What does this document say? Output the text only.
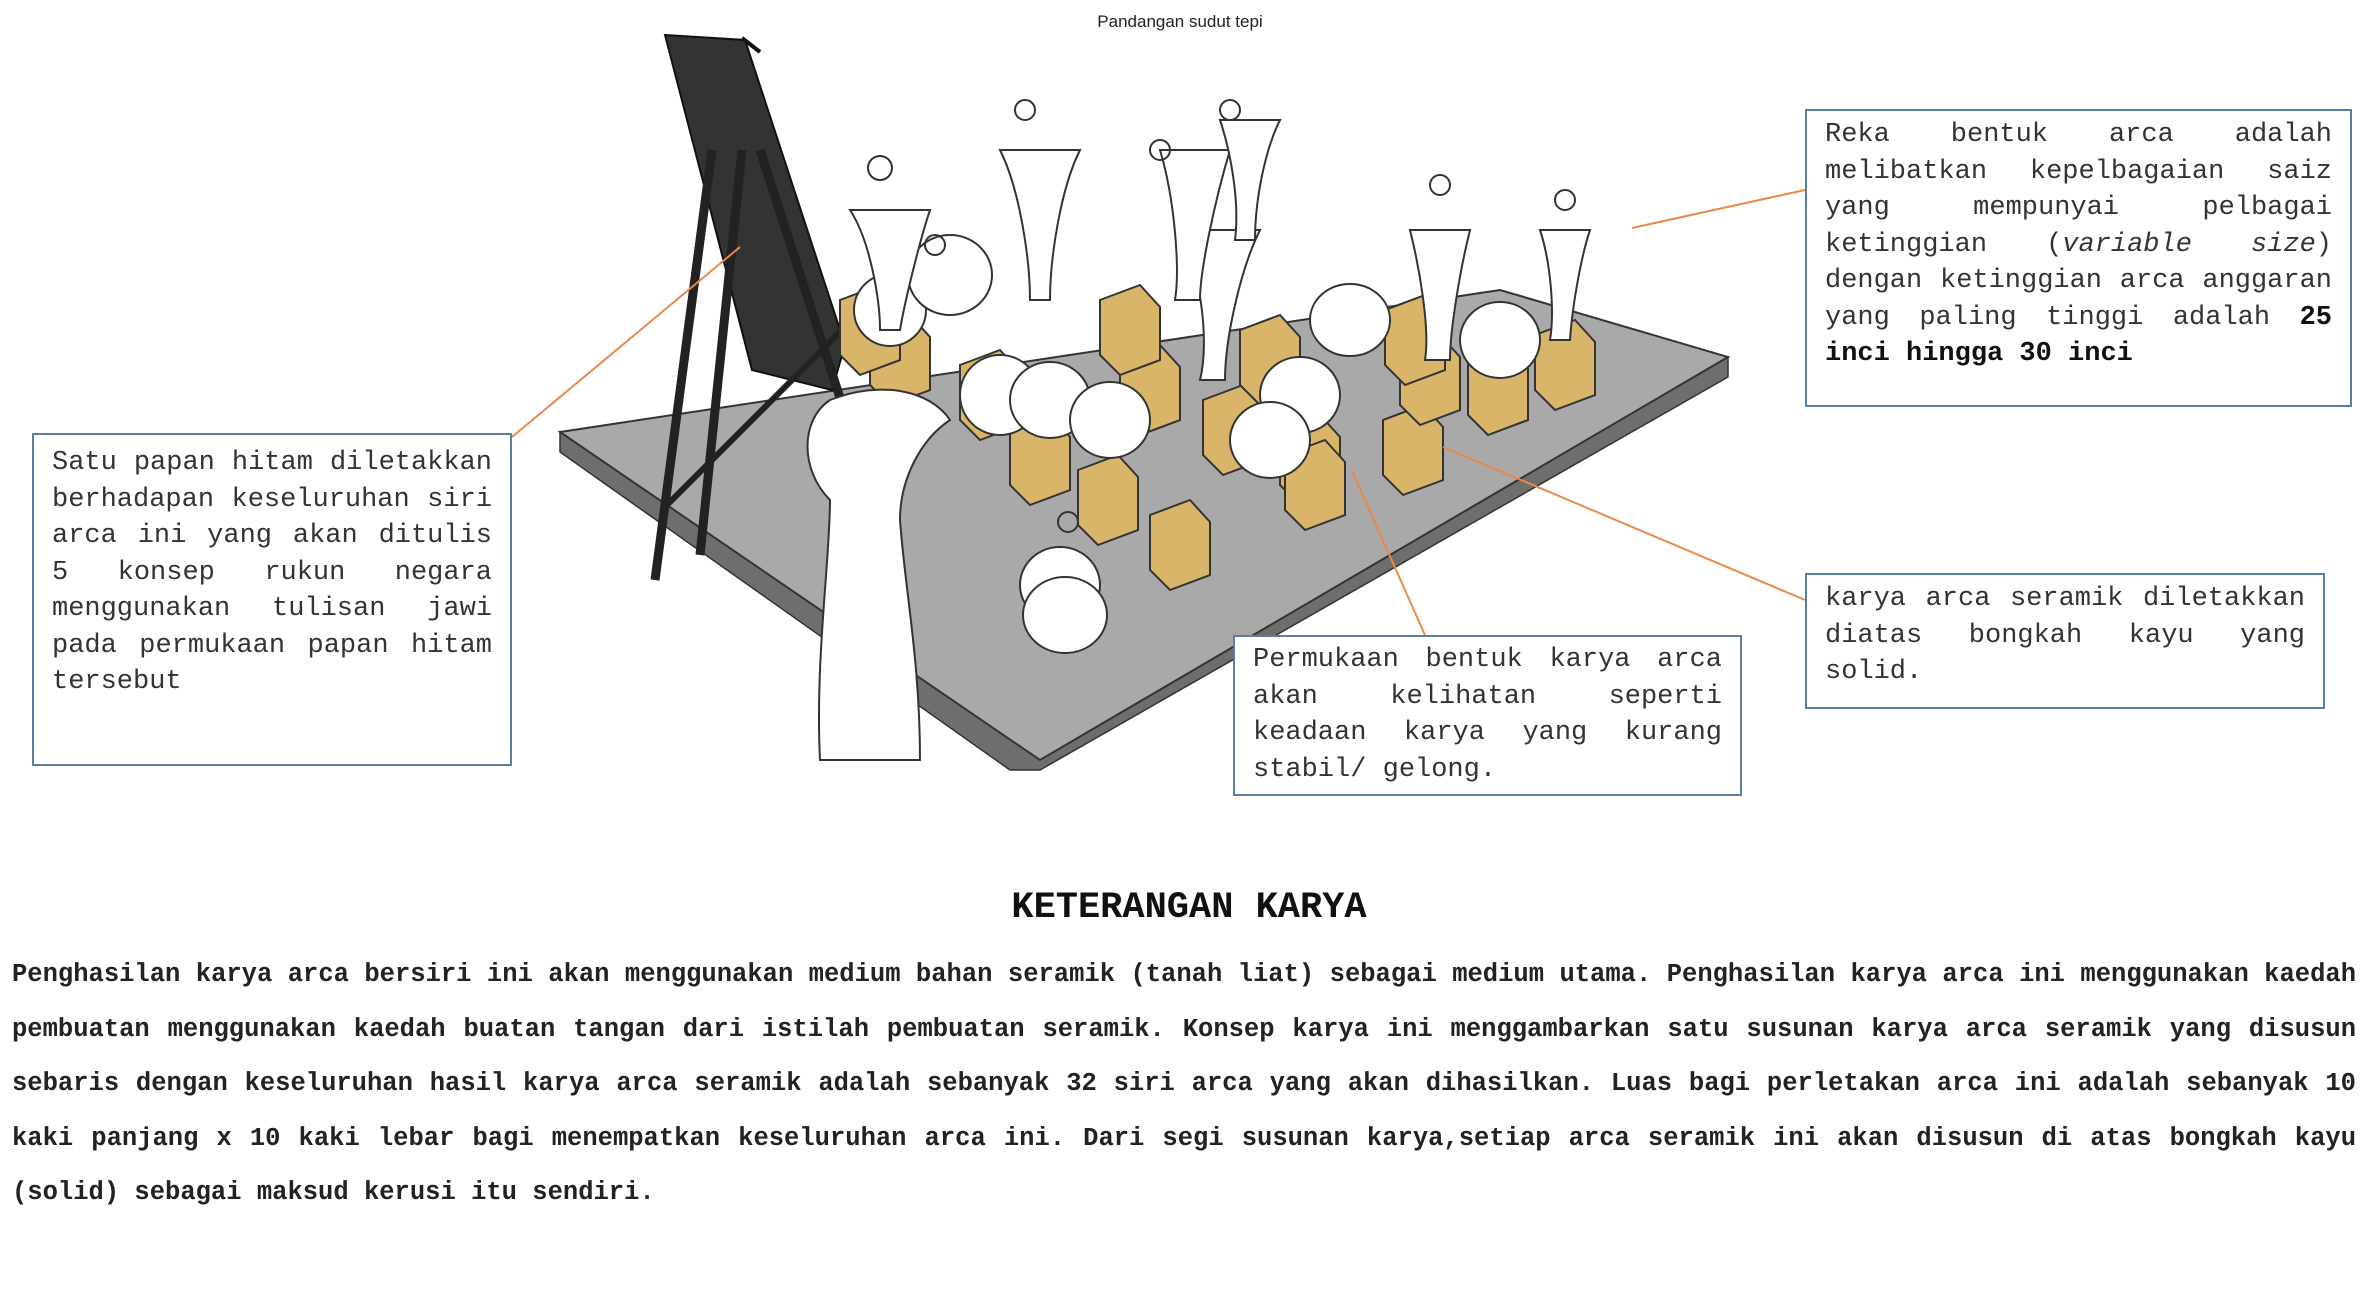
Pandangan sudut tepi
Satu papan hitam diletakkan berhadapan keseluruhan siri arca ini yang akan ditulis 5 konsep rukun negara menggunakan tulisan jawi pada permukaan papan hitam tersebut
Reka bentuk arca adalah melibatkan kepelbagaian saiz yang mempunyai pelbagai ketinggian (variable size) dengan ketinggian arca anggaran yang paling tinggi adalah 25 inci hingga 30 inci
Permukaan bentuk karya arca akan kelihatan seperti keadaan karya yang kurang stabil/ gelong.
karya arca seramik diletakkan diatas bongkah kayu yang solid.
KETERANGAN KARYA
Penghasilan karya arca bersiri ini akan menggunakan medium bahan seramik (tanah liat) sebagai medium utama. Penghasilan karya arca ini menggunakan kaedah pembuatan menggunakan kaedah buatan tangan dari istilah pembuatan seramik. Konsep karya ini menggambarkan satu susunan karya arca seramik yang disusun sebaris dengan keseluruhan hasil karya arca seramik adalah sebanyak 32 siri arca yang akan dihasilkan. Luas bagi perletakan arca ini adalah sebanyak 10 kaki panjang x 10 kaki lebar bagi menempatkan keseluruhan arca ini. Dari segi susunan karya,setiap arca seramik ini akan disusun di atas bongkah kayu (solid) sebagai maksud kerusi itu sendiri.
